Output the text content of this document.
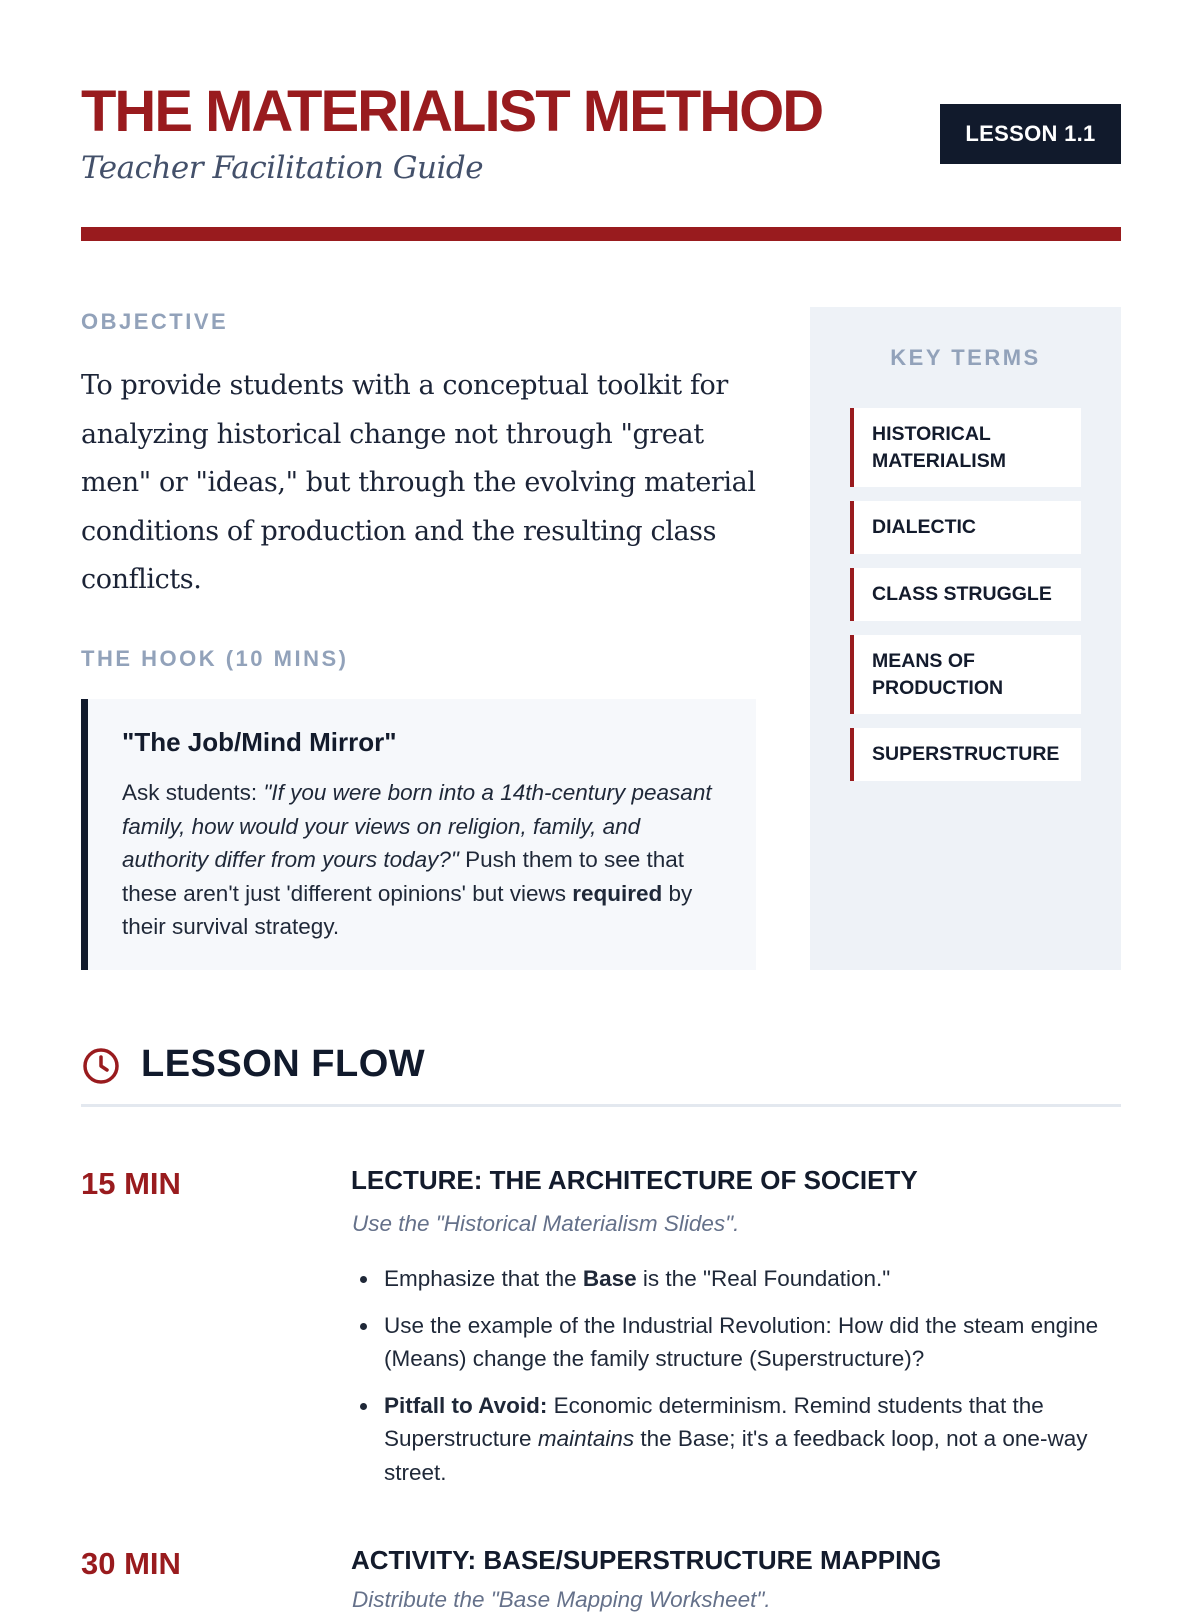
THE MATERIALIST METHOD
Teacher Facilitation Guide
LESSON 1.1
OBJECTIVE

To provide students with a conceptual toolkit for analyzing historical change not through "great men" or "ideas," but through the evolving material conditions of production and the resulting class conflicts.

THE HOOK (10 MINS)
"The Job/Mind Mirror"

Ask students: "If you were born into a 14th-century peasant family, how would your views on religion, family, and authority differ from yours today?" Push them to see that these aren't just 'different opinions' but views required by their survival strategy.

KEY TERMS
HISTORICAL MATERIALISM
DIALECTIC
CLASS STRUGGLE
MEANS OF PRODUCTION
SUPERSTRUCTURE
LESSON FLOW
15 MIN	LECTURE: THE ARCHITECTURE OF SOCIETY
Use the "Historical Materialism Slides".
Emphasize that the Base is the "Real Foundation."
Use the example of the Industrial Revolution: How did the steam engine (Means) change the family structure (Superstructure)?
Pitfall to Avoid: Economic determinism. Remind students that the Superstructure maintains the Base; it's a feedback loop, not a one-way street.
30 MIN	ACTIVITY: BASE/SUPERSTRUCTURE MAPPING
Distribute the "Base Mapping Worksheet".
